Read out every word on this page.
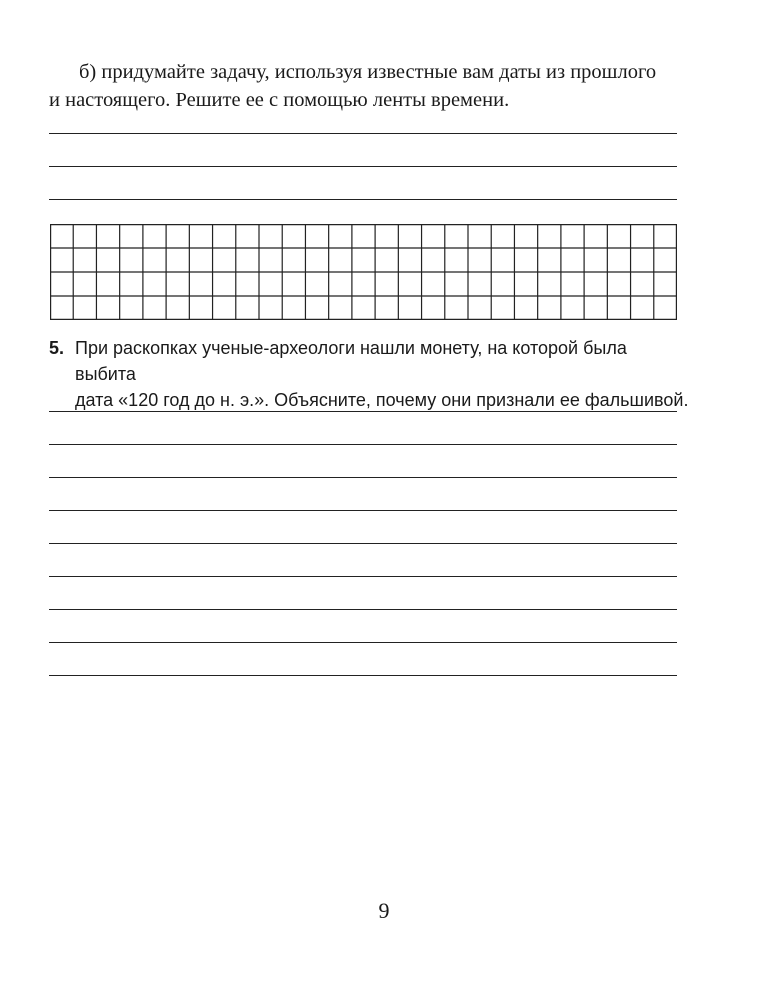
б) придумайте задачу, используя известные вам даты из прошлого
и настоящего. Решите ее с помощью ленты времени.
5. При раскопках ученые-археологи нашли монету, на которой была выбита
дата «120 год до н. э.». Объясните, почему они признали ее фальшивой.
9
